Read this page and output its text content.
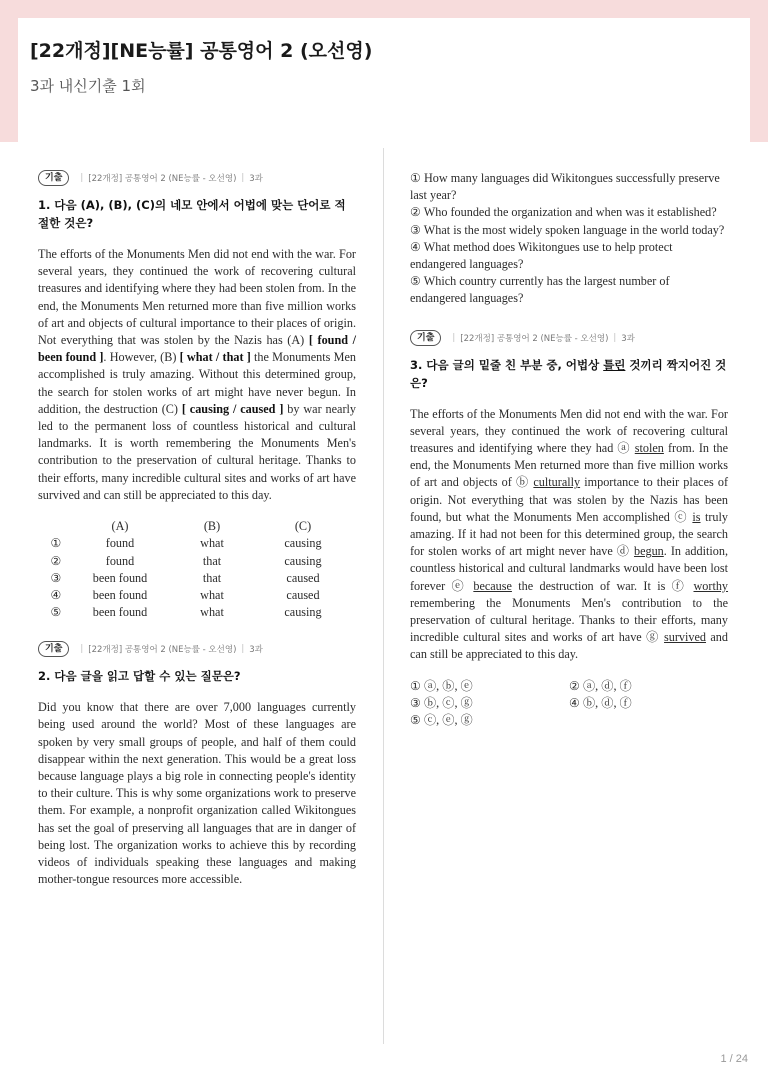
[22개정][NE능률] 공통영어 2 (오선영)
3과 내신기출 1회
기출	| [22개정] 공통영어 2 (NE능률 - 오선영) | 3과
1. 다음 (A), (B), (C)의 네모 안에서 어법에 맞는 단어로 적절한 것은?

The efforts of the Monuments Men did not end with the war. For several years, they continued the work of recovering cultural treasures and identifying where they had been stolen from. In the end, the Monuments Men returned more than five million works of art and objects of cultural importance to their places of origin. Not everything that was stolen by the Nazis has (A) [ found / been found ]. However, (B) [ what / that ] the Monuments Men accomplished is truly amazing. Without this determined group, the search for stolen works of art might have never begun. In addition, the destruction (C) [ causing / caused ] by war nearly led to the permanent loss of countless historical and cultural landmarks. It is worth remembering the Monuments Men's contribution to the preservation of cultural heritage. Thanks to their efforts, many incredible cultural sites and works of art have survived and can still be appreciated to this day.

	(A)	(B)	(C)
①	found	what	causing
②	found	that	causing
③	been found	that	caused
④	been found	what	caused
⑤	been found	what	causing
기출	| [22개정] 공통영어 2 (NE능률 - 오선영) | 3과
2. 다음 글을 읽고 답할 수 있는 질문은?

Did you know that there are over 7,000 languages currently being used around the world? Most of these languages are spoken by very small groups of people, and half of them could disappear within the next generation. This would be a great loss because language plays a big role in connecting people's identity to their culture. This is why some organizations work to preserve them. For example, a nonprofit organization called Wikitongues has set the goal of preserving all languages that are in danger of being lost. The organization works to achieve this by recording videos of individuals speaking these languages and making mother-tongue resources more accessible.

① How many languages did Wikitongues successfully preserve last year?
② Who founded the organization and when was it established?
③ What is the most widely spoken language in the world today?
④ What method does Wikitongues use to help protect endangered languages?
⑤ Which country currently has the largest number of endangered languages?
기출	| [22개정] 공통영어 2 (NE능률 - 오선영) | 3과
3. 다음 글의 밑줄 친 부분 중, 어법상 틀린 것끼리 짝지어진 것은?

The efforts of the Monuments Men did not end with the war. For several years, they continued the work of recovering cultural treasures and identifying where they had ⓐ stolen from. In the end, the Monuments Men returned more than five million works of art and objects of ⓑ culturally importance to their places of origin. Not everything that was stolen by the Nazis has been found, but what the Monuments Men accomplished ⓒ is truly amazing. If it had not been for this determined group, the search for stolen works of art might never have ⓓ begun. In addition, countless historical and cultural landmarks would have been lost forever ⓔ because the destruction of war. It is ⓕ worthy remembering the Monuments Men's contribution to the preservation of cultural heritage. Thanks to their efforts, many incredible cultural sites and works of art have ⓖ survived and can still be appreciated to this day.

① ⓐ, ⓑ, ⓔ	② ⓐ, ⓓ, ⓕ
③ ⓑ, ⓒ, ⓖ	④ ⓑ, ⓓ, ⓕ
⑤ ⓒ, ⓔ, ⓖ
1 / 24
